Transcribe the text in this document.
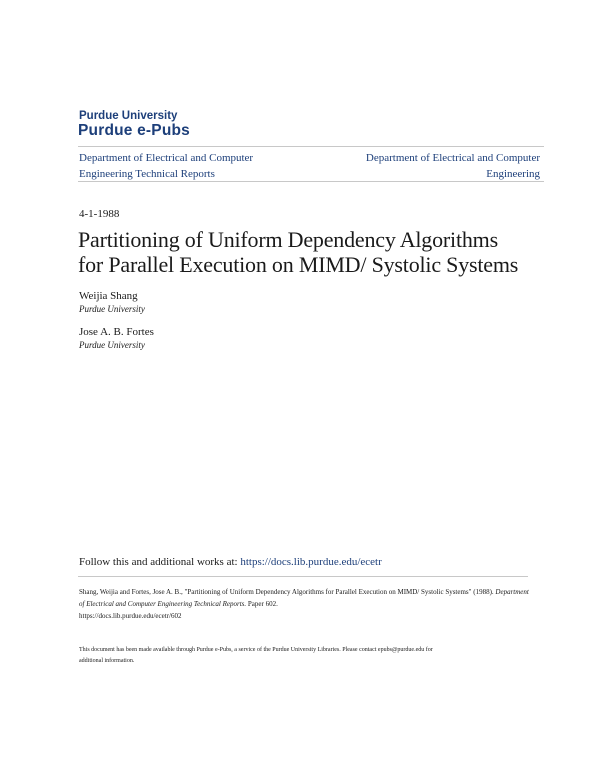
Purdue University
Purdue e-Pubs
Department of Electrical and Computer
Engineering Technical Reports
Department of Electrical and Computer
Engineering
4-1-1988
Partitioning of Uniform Dependency Algorithms
for Parallel Execution on MIMD/ Systolic Systems
Weijia Shang
Purdue University
Jose A. B. Fortes
Purdue University
Follow this and additional works at: https://docs.lib.purdue.edu/ecetr
Shang, Weijia and Fortes, Jose A. B., "Partitioning of Uniform Dependency Algorithms for Parallel Execution on MIMD/ Systolic Systems" (1988). Department of Electrical and Computer Engineering Technical Reports. Paper 602.
https://docs.lib.purdue.edu/ecetr/602
This document has been made available through Purdue e-Pubs, a service of the Purdue University Libraries. Please contact epubs@purdue.edu for
additional information.
